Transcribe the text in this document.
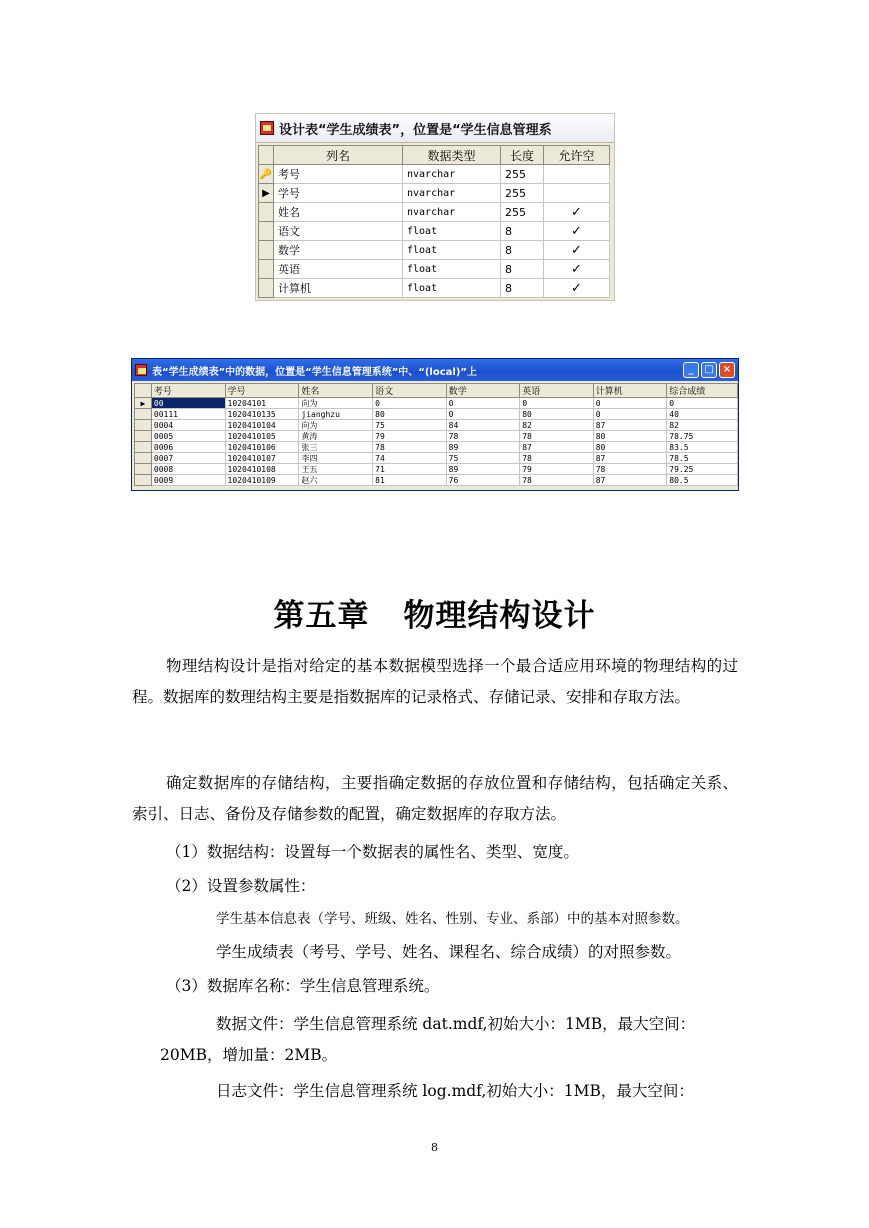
设计表“学生成绩表”，位置是“学生信息管理系
	列名	数据类型	长度	允许空
🔑	考号	nvarchar	255	
▶	学号	nvarchar	255	
	姓名	nvarchar	255	✓
	语文	float	8	✓
	数学	float	8	✓
	英语	float	8	✓
	计算机	float	8	✓
表“学生成绩表”中的数据，位置是“学生信息管理系统”中、“(local)”上	_	□ ×
	考号	学号	姓名	语文	数学	英语	计算机	综合成绩
▶	00	10204101	向为	0	0	0	0	0
	00111	1020410135	jianghzu	80	0	80	0	40
	0004	1020410104	向为	75	84	82	87	82
	0005	1020410105	黄涛	79	78	78	80	78.75
	0006	1020410106	张三	78	89	87	80	83.5
	0007	1020410107	李四	74	75	78	87	78.5
	0008	1020410108	王五	71	89	79	78	79.25
	0009	1020410109	赵六	81	76	78	87	80.5
第五章 物理结构设计

物理结构设计是指对给定的基本数据模型选择一个最合适应用环境的物理结构的过程。数据库的数理结构主要是指数据库的记录格式、存储记录、安排和存取方法。

确定数据库的存储结构，主要指确定数据的存放位置和存储结构，包括确定关系、索引、日志、备份及存储参数的配置，确定数据库的存取方法。

（1）数据结构：设置每一个数据表的属性名、类型、宽度。
（2）设置参数属性：
学生基本信息表（学号、班级、姓名、性别、专业、系部）中的基本对照参数。
学生成绩表（考号、学号、姓名、课程名、综合成绩）的对照参数。
（3）数据库名称：学生信息管理系统。
数据文件：学生信息管理系统 dat.mdf,初始大小：1MB，最大空间：
20MB，增加量：2MB。
日志文件：学生信息管理系统 log.mdf,初始大小：1MB，最大空间：
8
